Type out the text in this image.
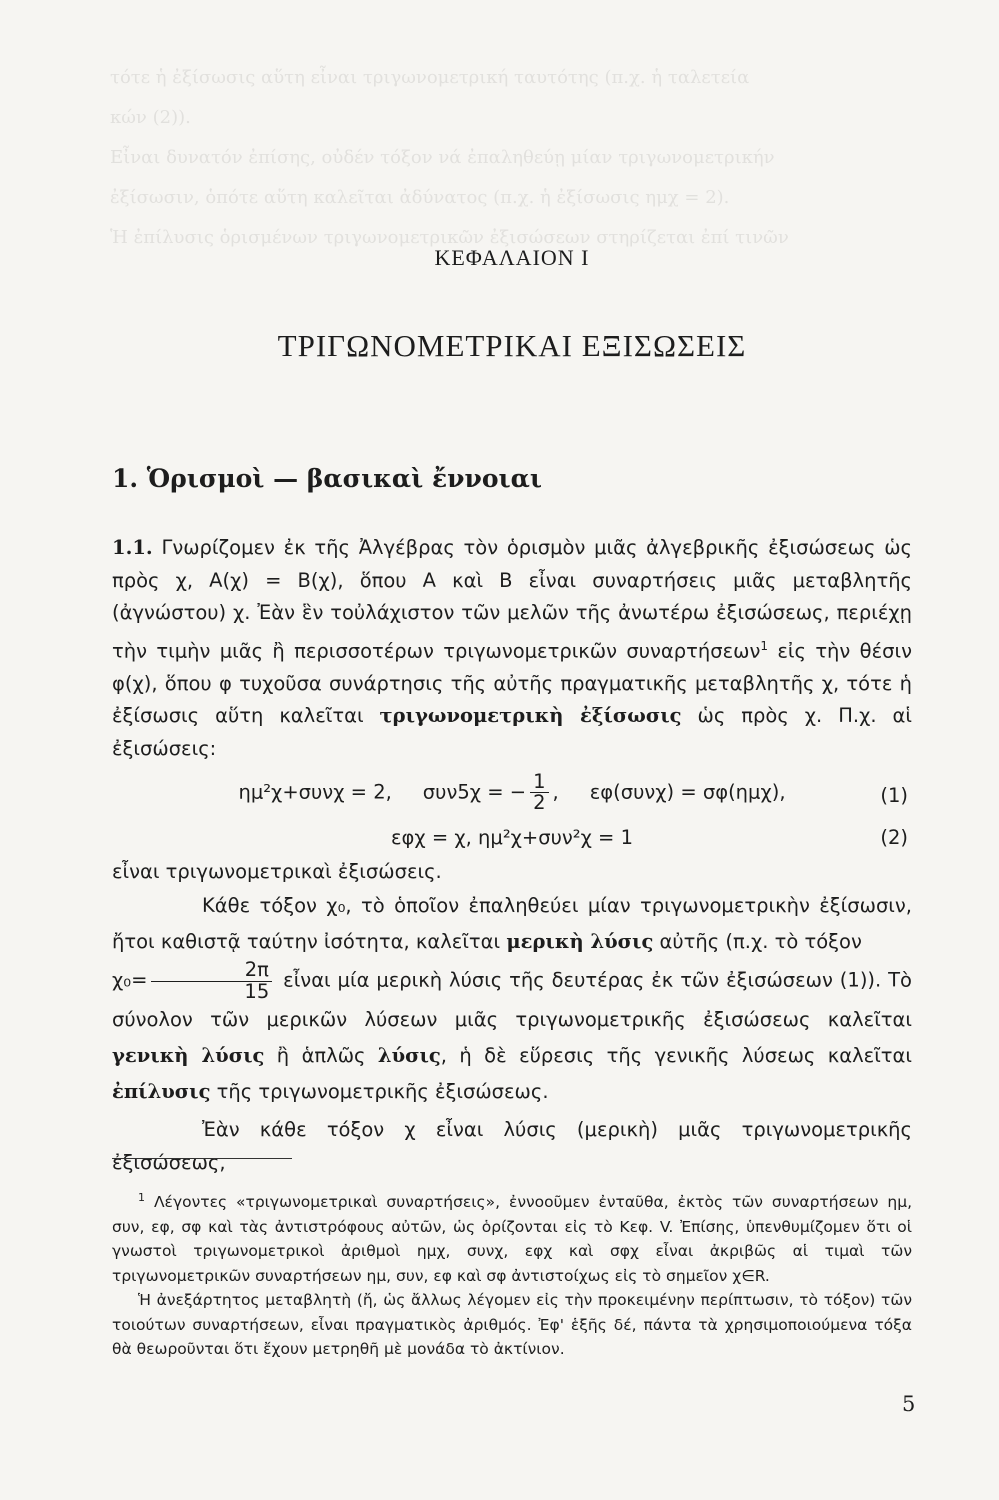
τότε ἡ ἐξίσωσις αὕτη εἶναι τριγωνομετρική ταυτότης (π.χ. ἡ ταλετεία
κών (2)).
Εἶναι δυνατόν ἐπίσης, οὐδέν τόξον νά ἐπαληθεύῃ μίαν τριγωνομετρικήν
ἐξίσωσιν, ὁπότε αὕτη καλεῖται ἀδύνατος (π.χ. ἡ ἐξίσωσις ημχ = 2).
Ἡ ἐπίλυσις ὁρισμένων τριγωνομετρικῶν ἐξισώσεων στηρίζεται ἐπί τινῶν
ΚΕΦΑΛΑΙΟΝ Ι
ΤΡΙΓΩΝΟΜΕΤΡΙΚΑΙ ΕΞΙΣΩΣΕΙΣ
1. Ὁρισμοὶ — βασικαὶ ἔννοιαι

1.1. Γνωρίζομεν ἐκ τῆς Ἀλγέβρας τὸν ὁρισμὸν μιᾶς ἀλγεβρικῆς ἐξισώσεως ὡς πρὸς χ, Α(χ) = Β(χ), ὅπου Α καὶ Β εἶναι συναρτήσεις μιᾶς μεταβλητῆς (ἀγνώστου) χ. Ἐὰν ἓν τοὐλάχιστον τῶν μελῶν τῆς ἀνωτέρω ἐξισώσεως, περιέχῃ τὴν τιμὴν μιᾶς ἢ περισσοτέρων τριγωνομετρικῶν συναρτήσεων$^1$ εἰς τὴν θέσιν φ(χ), ὅπου φ τυχοῦσα συνάρτησις τῆς αὐτῆς πραγματικῆς μεταβλητῆς χ, τότε ἡ ἐξίσωσις αὕτη καλεῖται τριγωνομετρικὴ ἐξίσωσις ὡς πρὸς χ. Π.χ. αἱ ἐξισώσεις:

ημ²χ+συνχ = 2, συν5χ = − $\frac{1}{2}$ , εφ(συνχ) = σφ(ημχ),	(1)
εφχ = χ, ημ²χ+συν²χ = 1	(2)

εἶναι τριγωνομετρικαὶ ἐξισώσεις.

Κάθε τόξον χ₀, τὸ ὁποῖον ἐπαληθεύει μίαν τριγωνομετρικὴν ἐξίσωσιν, ἤτοι καθιστᾷ ταύτην ἰσότητα, καλεῖται μερικὴ λύσις αὐτῆς (π.χ. τὸ τόξον
$\chi_0= \frac{2\pi}{15}$ εἶναι μία μερικὴ λύσις τῆς δευτέρας ἐκ τῶν ἐξισώσεων (1)). Τὸ σύνολον τῶν μερικῶν λύσεων μιᾶς τριγωνομετρικῆς ἐξισώσεως καλεῖται γενικὴ λύσις ἢ ἁπλῶς λύσις, ἡ δὲ εὕρεσις τῆς γενικῆς λύσεως καλεῖται ἐπίλυσις τῆς τριγωνομετρικῆς ἐξισώσεως.

Ἐὰν κάθε τόξον χ εἶναι λύσις (μερικὴ) μιᾶς τριγωνομετρικῆς ἐξισώσεως,

$^1$ Λέγοντες «τριγωνομετρικαὶ συναρτήσεις», ἐννοοῦμεν ἐνταῦθα, ἐκτὸς τῶν συναρτήσεων ημ, συν, εφ, σφ καὶ τὰς ἀντιστρόφους αὐτῶν, ὡς ὁρίζονται εἰς τὸ Κεφ. V. Ἐπίσης, ὑπενθυμίζομεν ὅτι οἱ γνωστοὶ τριγωνομετρικοὶ ἀριθμοὶ ημχ, συνχ, εφχ καὶ σφχ εἶναι ἀκριβῶς αἱ τιμαὶ τῶν τριγωνομετρικῶν συναρτήσεων ημ, συν, εφ καὶ σφ ἀντιστοίχως εἰς τὸ σημεῖον χ∈R.

Ἡ ἀνεξάρτητος μεταβλητὴ (ἤ, ὡς ἄλλως λέγομεν εἰς τὴν προκειμένην περίπτωσιν, τὸ τόξον) τῶν τοιούτων συναρτήσεων, εἶναι πραγματικὸς ἀριθμός. Ἐφ' ἑξῆς δέ, πάντα τὰ χρησιμοποιούμενα τόξα θὰ θεωροῦνται ὅτι ἔχουν μετρηθῆ μὲ μονάδα τὸ ἀκτίνιον.

5
